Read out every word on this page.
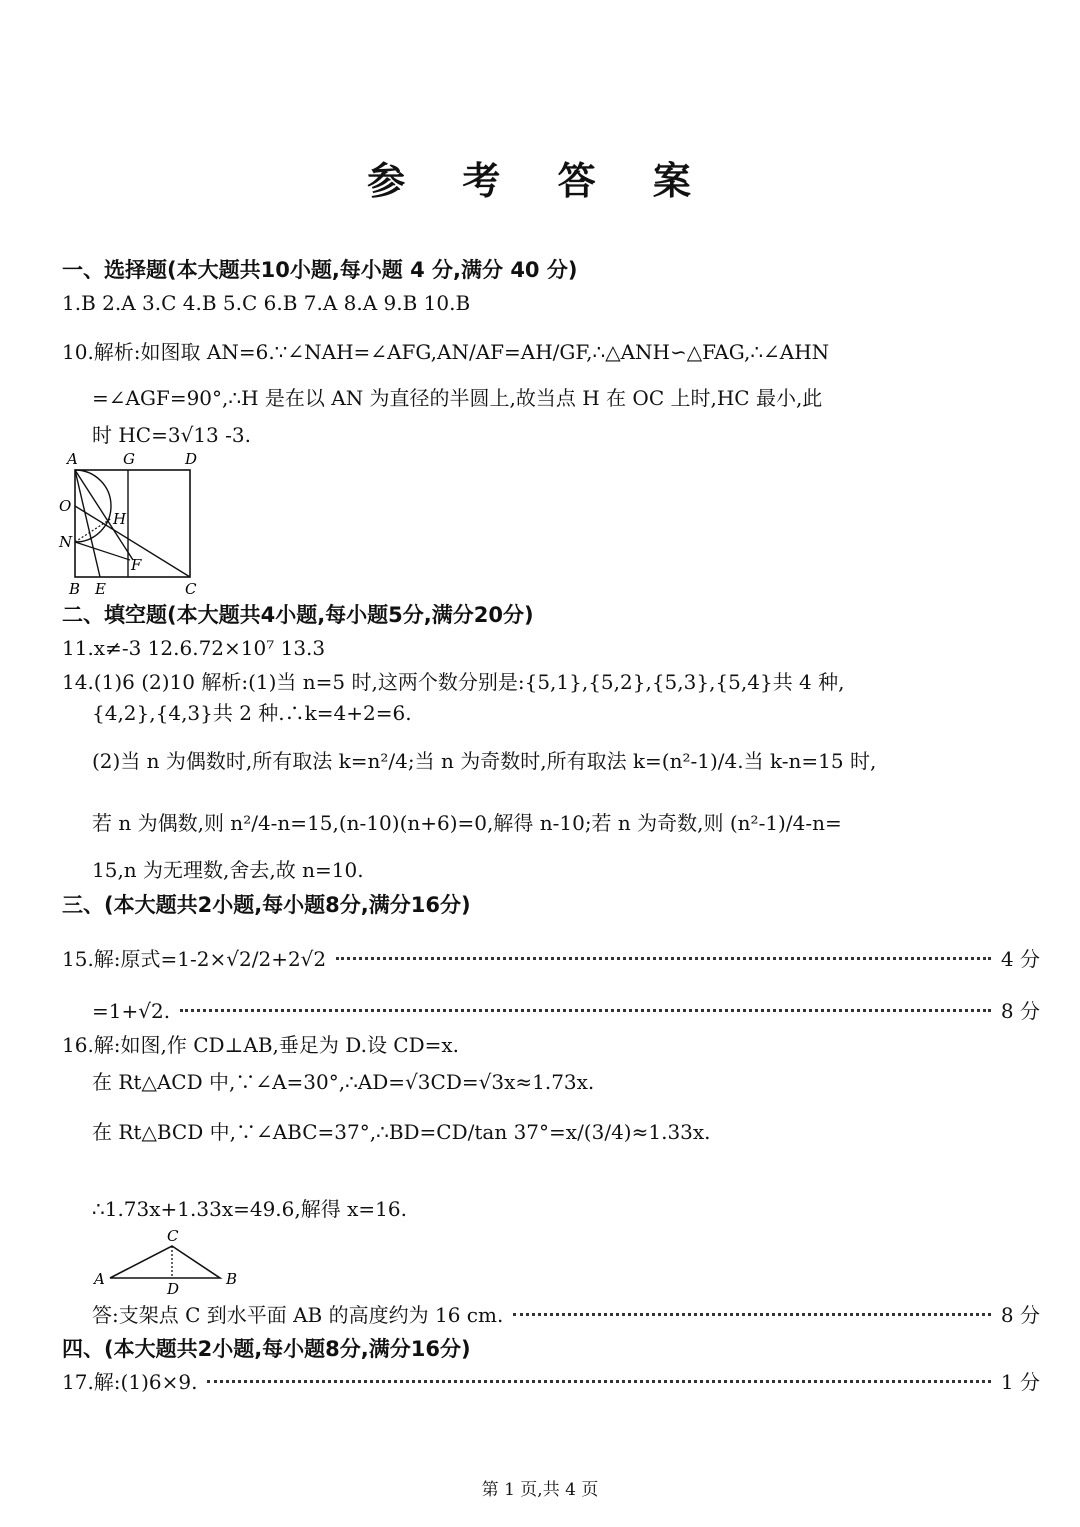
参 考 答 案
一、选择题(本大题共10小题,每小题 4 分,满分 40 分)
1.B 2.A 3.C 4.B 5.C 6.B 7.A 8.A 9.B 10.B
10.解析:如图取 AN=6.∵∠NAH=∠AFG,AN/AF=AH/GF,∴△ANH∽△FAG,∴∠AHN
=∠AGF=90°,∴H 是在以 AN 为直径的半圆上,故当点 H 在 OC 上时,HC 最小,此
时 HC=3√13 -3.
A	G	D
O
H
N
F
B E	C
二、填空题(本大题共4小题,每小题5分,满分20分)
11.x≠-3 12.6.72×10⁷ 13.3
14.(1)6 (2)10 解析:(1)当 n=5 时,这两个数分别是:{5,1},{5,2},{5,3},{5,4}共 4 种,
{4,2},{4,3}共 2 种.∴k=4+2=6.
(2)当 n 为偶数时,所有取法 k=n²/4;当 n 为奇数时,所有取法 k=(n²-1)/4.当 k-n=15 时,
若 n 为偶数,则 n²/4-n=15,(n-10)(n+6)=0,解得 n-10;若 n 为奇数,则 (n²-1)/4-n=
15,n 为无理数,舍去,故 n=10.
三、(本大题共2小题,每小题8分,满分16分)
15.解:原式=1-2×√2/2+2√2	4 分
=1+√2.	8 分
16.解:如图,作 CD⊥AB,垂足为 D.设 CD=x.
在 Rt△ACD 中,∵∠A=30°,∴AD=√3CD=√3x≈1.73x.
在 Rt△BCD 中,∵∠ABC=37°,∴BD=CD/tan 37°=x/(3/4)≈1.33x.
∴1.73x+1.33x=49.6,解得 x=16.
C
A
D
B
答:支架点 C 到水平面 AB 的高度约为 16 cm.	8 分
四、(本大题共2小题,每小题8分,满分16分)
17.解:(1)6×9.	1 分
第 1 页,共 4 页
